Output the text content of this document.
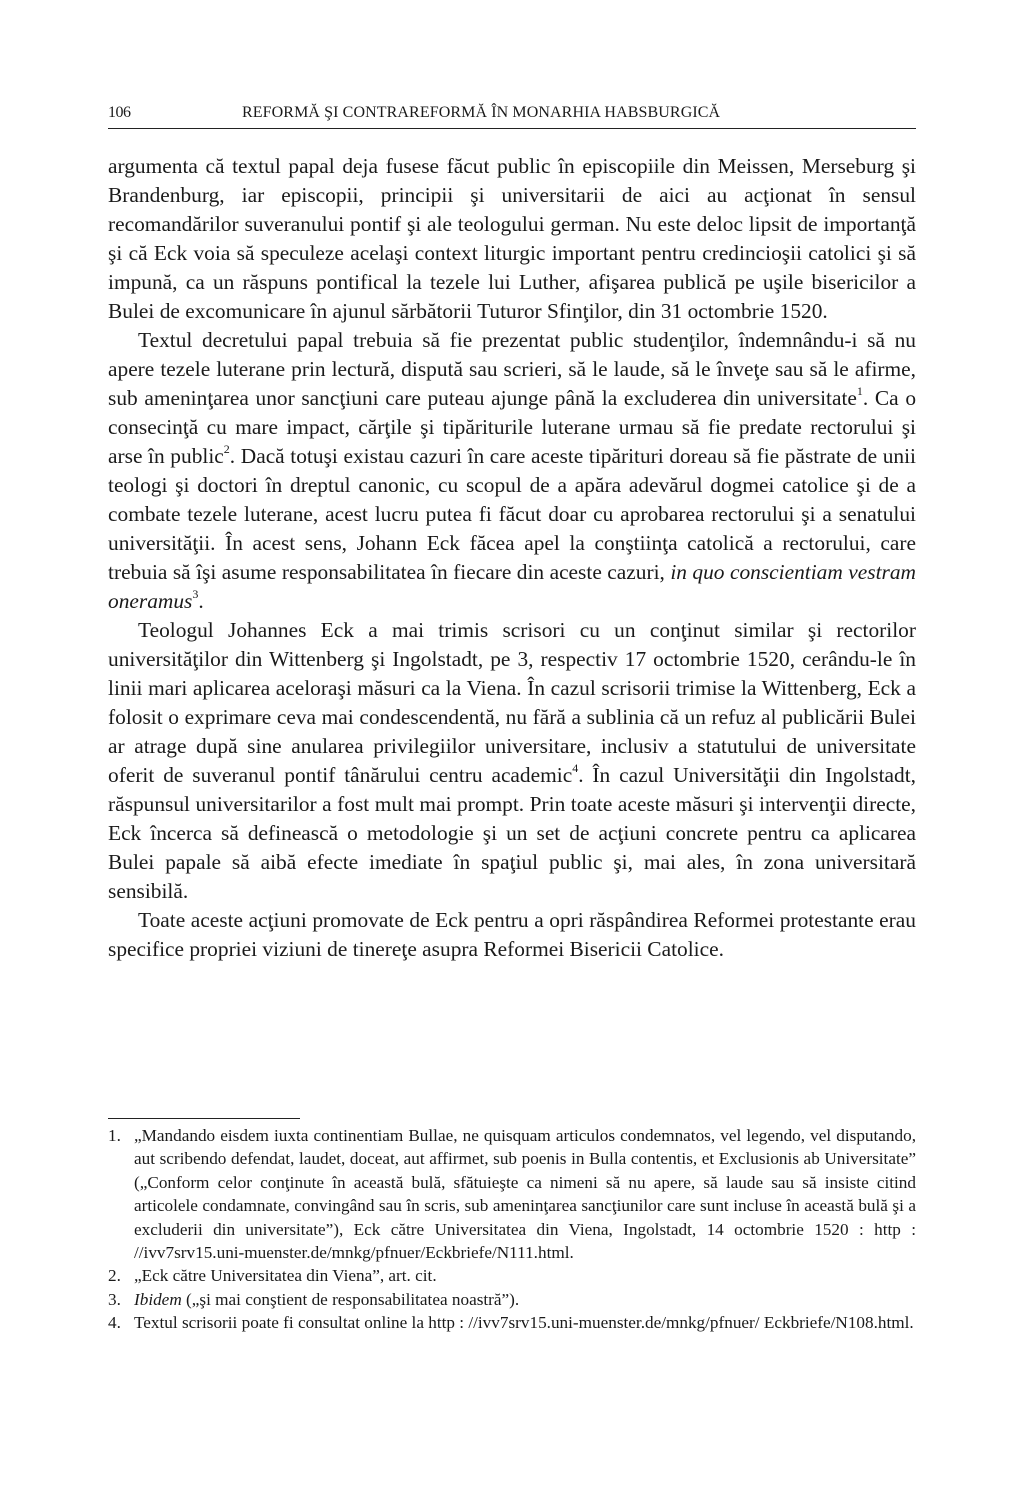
106	REFORMĂ ŞI CONTRAREFORMĂ ÎN MONARHIA HABSBURGICĂ

argumenta că textul papal deja fusese făcut public în episcopiile din Meissen, Merseburg şi Brandenburg, iar episcopii, principii şi universitarii de aici au acţionat în sensul recomandărilor suveranului pontif şi ale teologului german. Nu este deloc lipsit de importanţă şi că Eck voia să speculeze acelaşi context liturgic important pentru credincioşii catolici şi să impună, ca un răspuns pontifical la tezele lui Luther, afişarea publică pe uşile bisericilor a Bulei de excomunicare în ajunul sărbătorii Tuturor Sfinţilor, din 31 octombrie 1520.

Textul decretului papal trebuia să fie prezentat public studenţilor, îndemnându-i să nu apere tezele luterane prin lectură, dispută sau scrieri, să le laude, să le înveţe sau să le afirme, sub ameninţarea unor sancţiuni care puteau ajunge până la excluderea din universitate$^1$. Ca o consecinţă cu mare impact, cărţile şi tipăriturile luterane urmau să fie predate rectorului şi arse în public$^2$. Dacă totuşi existau cazuri în care aceste tipărituri doreau să fie păstrate de unii teologi şi doctori în dreptul canonic, cu scopul de a apăra adevărul dogmei catolice şi de a combate tezele luterane, acest lucru putea fi făcut doar cu aprobarea rectorului şi a senatului universităţii. În acest sens, Johann Eck făcea apel la conştiinţa catolică a rectorului, care trebuia să îşi asume responsabilitatea în fiecare din aceste cazuri, in quo conscientiam vestram oneramus$^3$.

Teologul Johannes Eck a mai trimis scrisori cu un conţinut similar şi rectorilor universităţilor din Wittenberg şi Ingolstadt, pe 3, respectiv 17 octombrie 1520, cerându-le în linii mari aplicarea aceloraşi măsuri ca la Viena. În cazul scrisorii trimise la Wittenberg, Eck a folosit o exprimare ceva mai condescendentă, nu fără a sublinia că un refuz al publicării Bulei ar atrage după sine anularea privilegiilor universitare, inclusiv a statutului de universitate oferit de suveranul pontif tânărului centru academic$^4$. În cazul Universităţii din Ingolstadt, răspunsul universitarilor a fost mult mai prompt. Prin toate aceste măsuri şi intervenţii directe, Eck încerca să definească o metodologie şi un set de acţiuni concrete pentru ca aplicarea Bulei papale să aibă efecte imediate în spaţiul public şi, mai ales, în zona universitară sensibilă.

Toate aceste acţiuni promovate de Eck pentru a opri răspândirea Reformei protestante erau specifice propriei viziuni de tinereţe asupra Reformei Bisericii Catolice.

1. „Mandando eisdem iuxta continentiam Bullae, ne quisquam articulos condemnatos, vel legendo, vel disputando, aut scribendo defendat, laudet, doceat, aut affirmet, sub poenis in Bulla contentis, et Exclusionis ab Universitate” („Conform celor conţinute în această bulă, sfătuieşte ca nimeni să nu apere, să laude sau să insiste citind articolele condamnate, convingând sau în scris, sub ameninţarea sancţiunilor care sunt incluse în această bulă şi a excluderii din universitate”), Eck către Universitatea din Viena, Ingolstadt, 14 octombrie 1520 : http : //ivv7srv15.uni-muenster.de/mnkg/pfnuer/Eckbriefe/N111.html.
2. „Eck către Universitatea din Viena”, art. cit.
3. Ibidem („şi mai conştient de responsabilitatea noastră”).
4. Textul scrisorii poate fi consultat online la http : //ivv7srv15.uni-muenster.de/mnkg/pfnuer/ Eckbriefe/N108.html.
